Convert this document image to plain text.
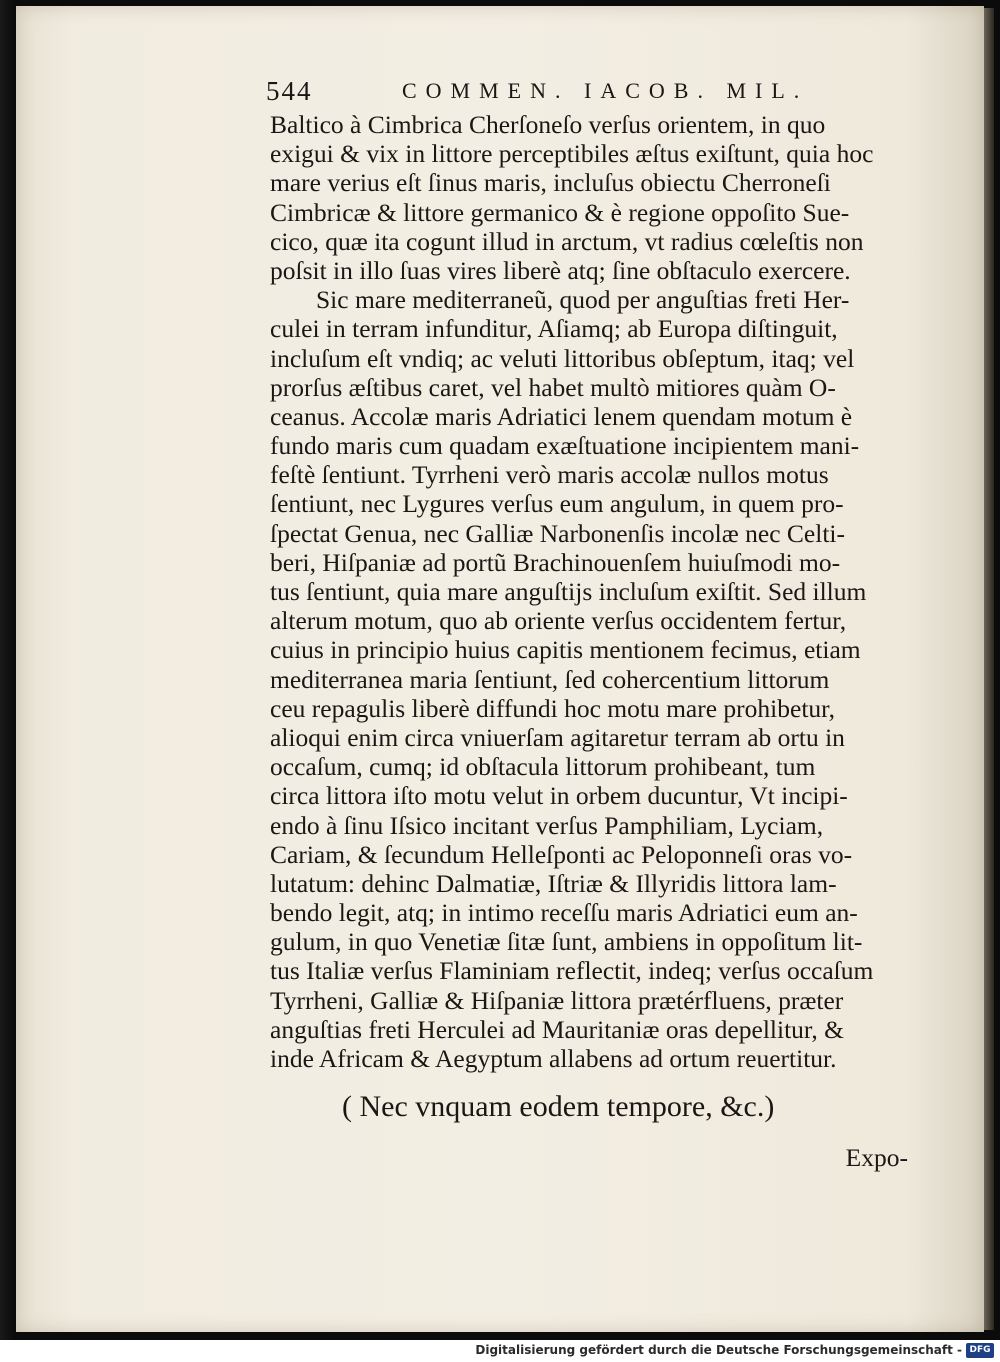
544	COMMEN. IACOB. MIL.
Baltico à Cimbrica Cherſoneſo verſus orientem, in quo
exigui & vix in littore perceptibiles æſtus exiſtunt, quia hoc
mare verius eſt ſinus maris, incluſus obiectu Cherroneſi
Cimbricæ & littore germanico & è regione oppoſito Sue-
cico, quæ ita cogunt illud in arctum, vt radius cœleſtis non
poſsit in illo ſuas vires liberè atq; ſine obſtaculo exercere.
Sic mare mediterraneũ, quod per anguſtias freti Her-
culei in terram infunditur, Aſiamq; ab Europa diſtinguit,
incluſum eſt vndiq; ac veluti littoribus obſeptum, itaq; vel
prorſus æſtibus caret, vel habet multò mitiores quàm O-
ceanus. Accolæ maris Adriatici lenem quendam motum è
fundo maris cum quadam exæſtuatione incipientem mani-
feſtè ſentiunt. Tyrrheni verò maris accolæ nullos motus
ſentiunt, nec Lygures verſus eum angulum, in quem pro-
ſpectat Genua, nec Galliæ Narbonenſis incolæ nec Celti-
beri, Hiſpaniæ ad portũ Brachinouenſem huiuſmodi mo-
tus ſentiunt, quia mare anguſtijs incluſum exiſtit. Sed illum
alterum motum, quo ab oriente verſus occidentem fertur,
cuius in principio huius capitis mentionem fecimus, etiam
mediterranea maria ſentiunt, ſed cohercentium littorum
ceu repagulis liberè diffundi hoc motu mare prohibetur,
alioqui enim circa vniuerſam agitaretur terram ab ortu in
occaſum, cumq; id obſtacula littorum prohibeant, tum
circa littora iſto motu velut in orbem ducuntur, Vt incipi-
endo à ſinu Iſsico incitant verſus Pamphiliam, Lyciam,
Cariam, & ſecundum Helleſponti ac Peloponneſi oras vo-
lutatum: dehinc Dalmatiæ, Iſtriæ & Illyridis littora lam-
bendo legit, atq; in intimo receſſu maris Adriatici eum an-
gulum, in quo Venetiæ ſitæ ſunt, ambiens in oppoſitum lit-
tus Italiæ verſus Flaminiam reflectit, indeq; verſus occaſum
Tyrrheni, Galliæ & Hiſpaniæ littora prætérfluens, præter
anguſtias freti Herculei ad Mauritaniæ oras depellitur, &
inde Africam & Aegyptum allabens ad ortum reuertitur.
( Nec vnquam eodem tempore, &c.)
Expo-
Digitalisierung gefördert durch die Deutsche Forschungsgemeinschaft - DFG
